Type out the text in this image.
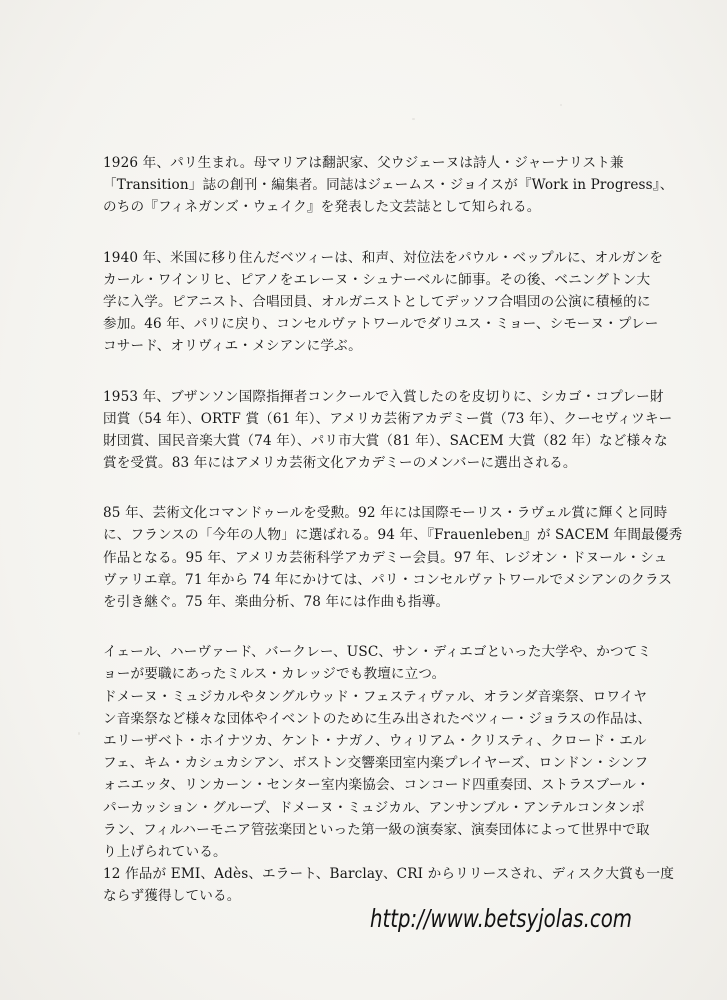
1926 年、パリ生まれ。母マリアは翻訳家、父ウジェーヌは詩人・ジャーナリスト兼
「Transition」誌の創刊・編集者。同誌はジェームス・ジョイスが『Work in Progress』、
のちの『フィネガンズ・ウェイク』を発表した文芸誌として知られる。
1940 年、米国に移り住んだベツィーは、和声、対位法をパウル・ベップルに、オルガンを
カール・ワインリヒ、ピアノをエレーヌ・シュナーベルに師事。その後、ベニングトン大
学に入学。ピアニスト、合唱団員、オルガニストとしてデッソフ合唱団の公演に積極的に
参加。46 年、パリに戻り、コンセルヴァトワールでダリユス・ミョー、シモーヌ・プレー
コサード、オリヴィエ・メシアンに学ぶ。
1953 年、ブザンソン国際指揮者コンクールで入賞したのを皮切りに、シカゴ・コプレー財
団賞（54 年）、ORTF 賞（61 年）、アメリカ芸術アカデミー賞（73 年）、クーセヴィツキー
財団賞、国民音楽大賞（74 年）、パリ市大賞（81 年）、SACEM 大賞（82 年）など様々な
賞を受賞。83 年にはアメリカ芸術文化アカデミーのメンバーに選出される。
85 年、芸術文化コマンドゥールを受勲。92 年には国際モーリス・ラヴェル賞に輝くと同時
に、フランスの「今年の人物」に選ばれる。94 年、『Frauenleben』が SACEM 年間最優秀
作品となる。95 年、アメリカ芸術科学アカデミー会員。97 年、レジオン・ドヌール・シュ
ヴァリエ章。71 年から 74 年にかけては、パリ・コンセルヴァトワールでメシアンのクラス
を引き継ぐ。75 年、楽曲分析、78 年には作曲も指導。
イェール、ハーヴァード、バークレー、USC、サン・ディエゴといった大学や、かつてミ
ョーが要職にあったミルス・カレッジでも教壇に立つ。
ドメーヌ・ミュジカルやタングルウッド・フェスティヴァル、オランダ音楽祭、ロワイヤ
ン音楽祭など様々な団体やイベントのために生み出されたベツィー・ジョラスの作品は、
エリーザベト・ホイナツカ、ケント・ナガノ、ウィリアム・クリスティ、クロード・エル
フェ、キム・カシュカシアン、ボストン交響楽団室内楽プレイヤーズ、ロンドン・シンフ
ォニエッタ、リンカーン・センター室内楽協会、コンコード四重奏団、ストラスブール・
パーカッション・グループ、ドメーヌ・ミュジカル、アンサンブル・アンテルコンタンポ
ラン、フィルハーモニア管弦楽団といった第一級の演奏家、演奏団体によって世界中で取
り上げられている。
12 作品が EMI、Adès、エラート、Barclay、CRI からリリースされ、ディスク大賞も一度
ならず獲得している。
http://www.betsyjolas.com
